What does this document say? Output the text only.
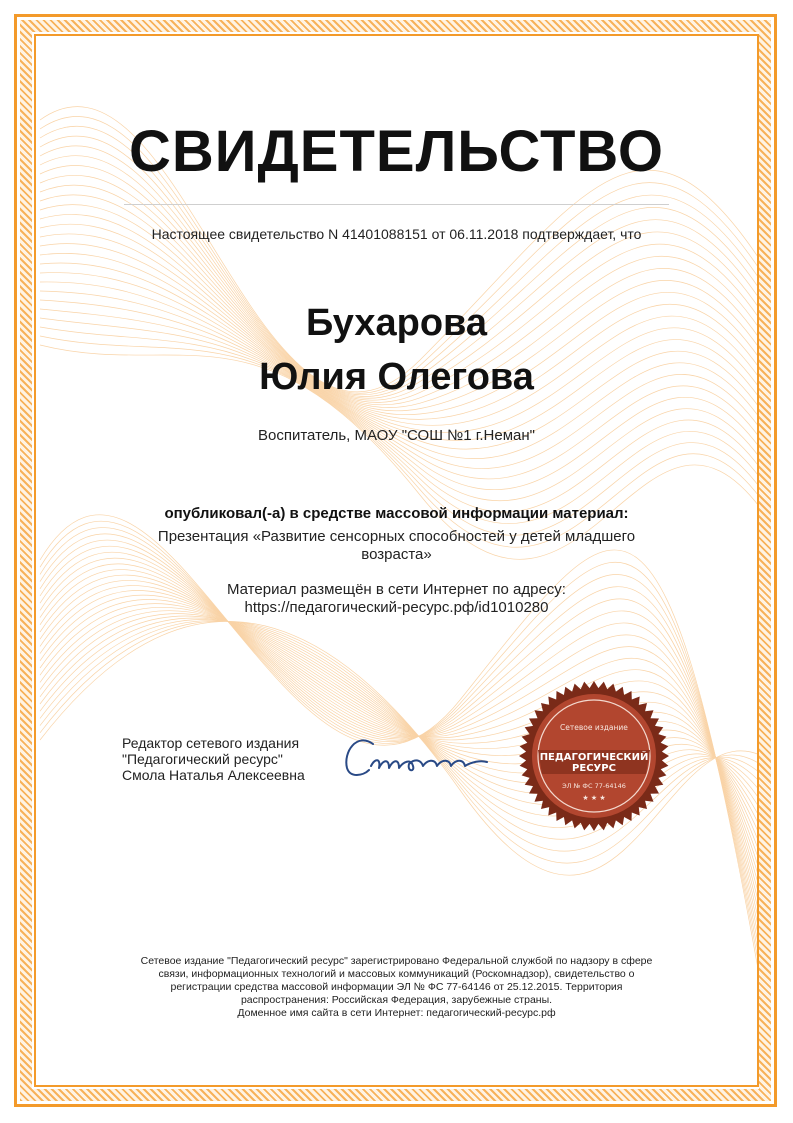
СВИДЕТЕЛЬСТВО
Настоящее свидетельство N 41401088151 от 06.11.2018 подтверждает, что
Бухарова
Юлия Олегова
Воспитатель, МАОУ "СОШ №1 г.Неман"
опубликовал(-а) в средстве массовой информации материал:
Презентация «Развитие сенсорных способностей у детей младшего
возраста»
Материал размещён в сети Интернет по адресу:
https://педагогический-ресурс.рф/id1010280
Редактор сетевого издания
"Педагогический ресурс"
Смола Наталья Алексеевна
Сетевое издание
ПЕДАГОГИЧЕСКИЙ
РЕСУРС
ЭЛ № ФС 77-64146
★ ★ ★
Сетевое издание "Педагогический ресурс" зарегистрировано Федеральной службой по надзору в сфере
связи, информационных технологий и массовых коммуникаций (Роскомнадзор), свидетельство о
регистрации средства массовой информации ЭЛ № ФС 77-64146 от 25.12.2015. Территория
распространения: Российская Федерация, зарубежные страны.
Доменное имя сайта в сети Интернет: педагогический-ресурс.рф
